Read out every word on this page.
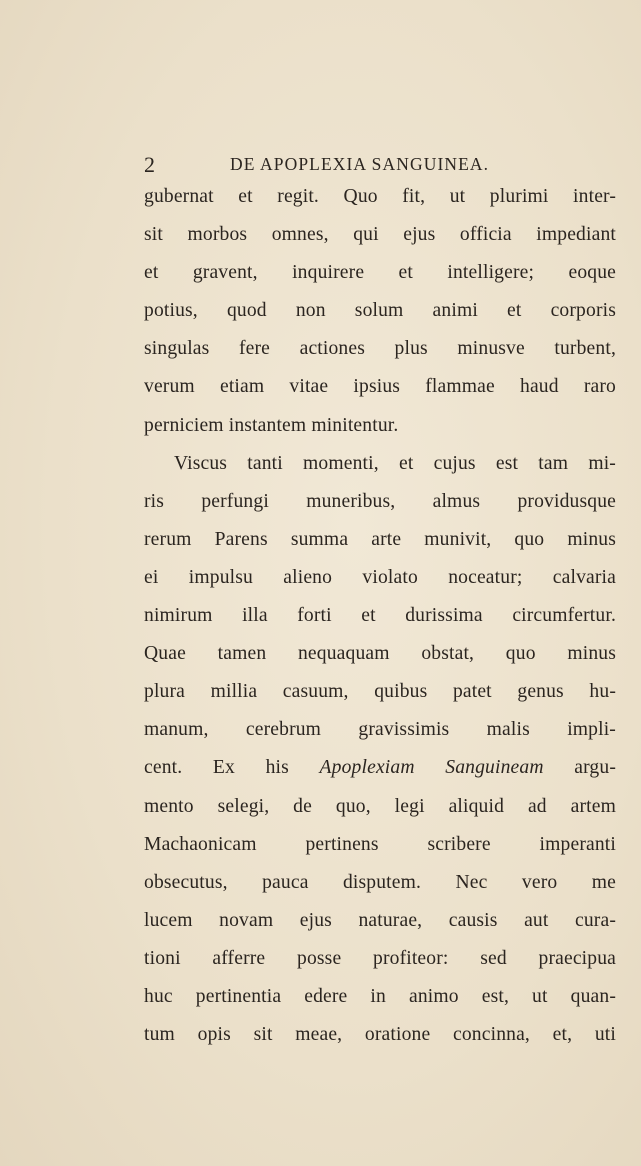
2	DE APOPLEXIA SANGUINEA.
gubernat et regit. Quo fit, ut plurimi inter-
sit morbos omnes, qui ejus officia impediant
et gravent, inquirere et intelligere; eoque
potius, quod non solum animi et corporis
singulas fere actiones plus minusve turbent,
verum etiam vitae ipsius flammae haud raro
perniciem instantem minitentur.
Viscus tanti momenti, et cujus est tam mi-
ris perfungi muneribus, almus providusque
rerum Parens summa arte munivit, quo minus
ei impulsu alieno violato noceatur; calvaria
nimirum illa forti et durissima circumfertur.
Quae tamen nequaquam obstat, quo minus
plura millia casuum, quibus patet genus hu-
manum, cerebrum gravissimis malis impli-
cent. Ex his Apoplexiam Sanguineam argu-
mento selegi, de quo, legi aliquid ad artem
Machaonicam pertinens scribere imperanti
obsecutus, pauca disputem. Nec vero me
lucem novam ejus naturae, causis aut cura-
tioni afferre posse profiteor: sed praecipua
huc pertinentia edere in animo est, ut quan-
tum opis sit meae, oratione concinna, et, uti
